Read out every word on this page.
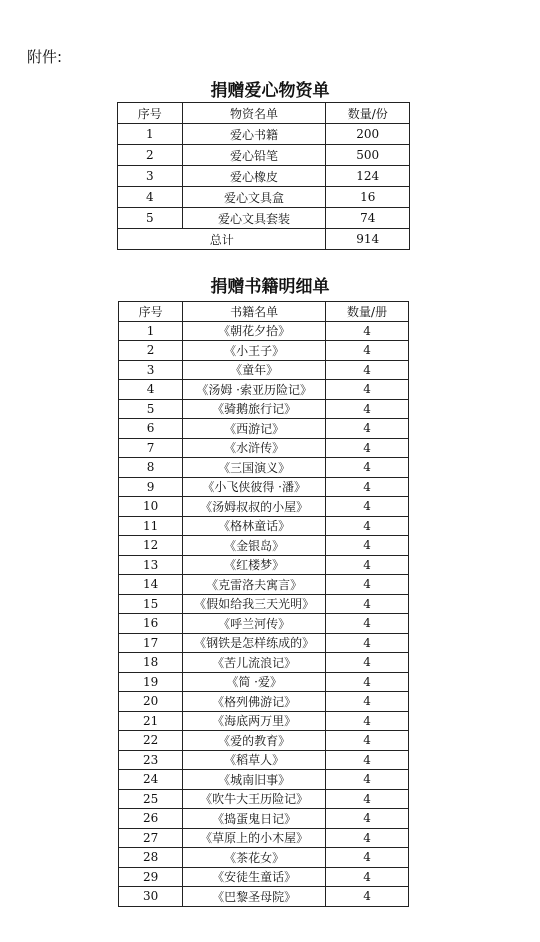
附件:
捐赠爱心物资单
序号	物资名单	数量/份
1	爱心书籍	200
2	爱心铅笔	500
3	爱心橡皮	124
4	爱心文具盒	16
5	爱心文具套装	74
总计		914
捐赠书籍明细单
序号	书籍名单	数量/册
1	《朝花夕拾》	4
2	《小王子》	4
3	《童年》	4
4	《汤姆 ·索亚历险记》	4
5	《骑鹅旅行记》	4
6	《西游记》	4
7	《水浒传》	4
8	《三国演义》	4
9	《小飞侠彼得 ·潘》	4
10	《汤姆叔叔的小屋》	4
11	《格林童话》	4
12	《金银岛》	4
13	《红楼梦》	4
14	《克雷洛夫寓言》	4
15	《假如给我三天光明》	4
16	《呼兰河传》	4
17	《钢铁是怎样练成的》	4
18	《苦儿流浪记》	4
19	《简 ·爱》	4
20	《格列佛游记》	4
21	《海底两万里》	4
22	《爱的教育》	4
23	《稻草人》	4
24	《城南旧事》	4
25	《吹牛大王历险记》	4
26	《捣蛋鬼日记》	4
27	《草原上的小木屋》	4
28	《茶花女》	4
29	《安徒生童话》	4
30	《巴黎圣母院》	4
